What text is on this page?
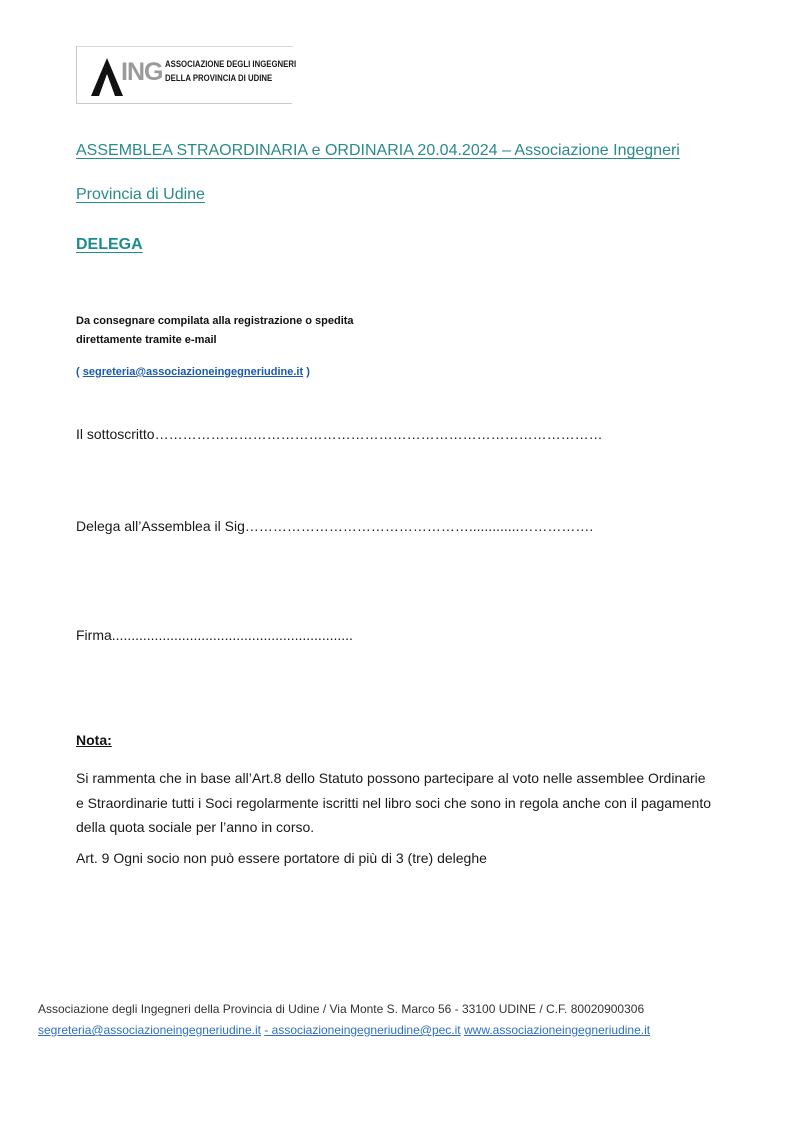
ING ASSOCIAZIONE DEGLI INGEGNERI
DELLA PROVINCIA DI UDINE
ASSEMBLEA STRAORDINARIA e ORDINARIA 20.04.2024 – Associazione Ingegneri
Provincia di Udine
DELEGA
Da consegnare compilata alla registrazione o spedita
direttamente tramite e-mail
( segreteria@associazioneingegneriudine.it )
Il sottoscritto……………………………………………………………………………………
Delega all’Assemblea il Sig………………………………………….............…………….
Firma..............................................................
Nota:
Si rammenta che in base all’Art.8 dello Statuto possono partecipare al voto nelle assemblee Ordinarie e Straordinarie tutti i Soci regolarmente iscritti nel libro soci che sono in regola anche con il pagamento della quota sociale per l’anno in corso.
Art. 9 Ogni socio non può essere portatore di più di 3 (tre) deleghe
Associazione degli Ingegneri della Provincia di Udine / Via Monte S. Marco 56 - 33100 UDINE / C.F. 80020900306
segreteria@associazioneingegneriudine.it - associazioneingegneriudine@pec.it www.associazioneingegneriudine.it
